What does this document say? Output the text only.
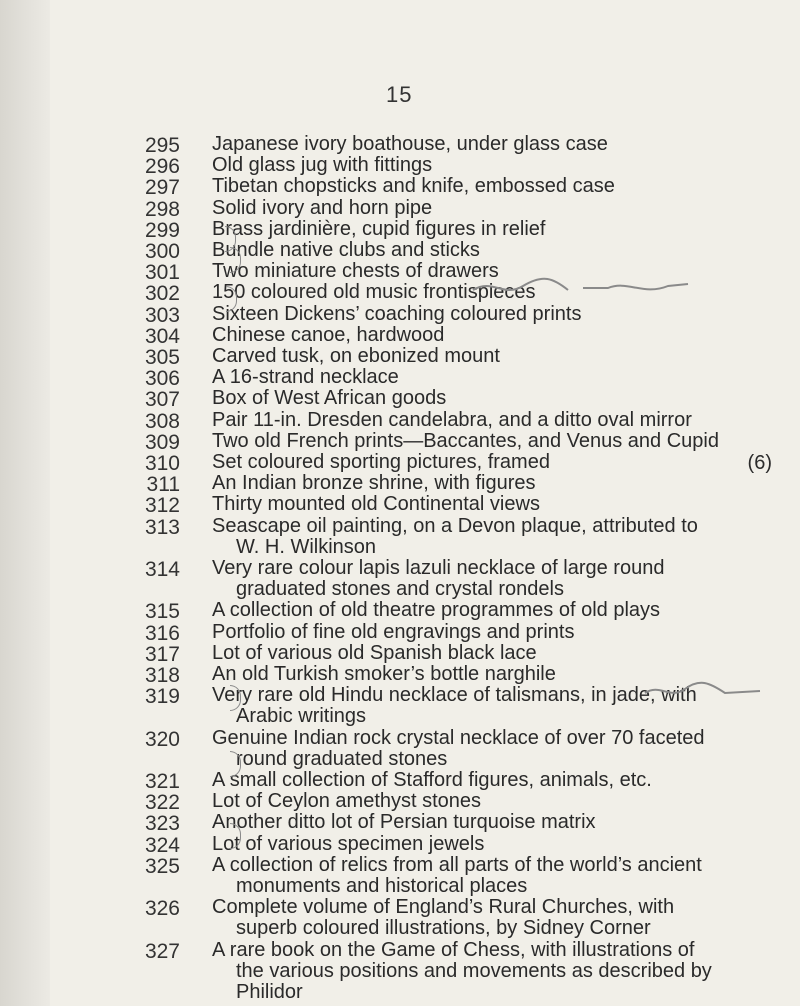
15
295 Japanese ivory boathouse, under glass case
296 Old glass jug with fittings
297 Tibetan chopsticks and knife, embossed case
298 Solid ivory and horn pipe
299 Brass jardinière, cupid figures in relief
300 Bundle native clubs and sticks
301 Two miniature chests of drawers
302 150 coloured old music frontispieces
303 Sixteen Dickens’ coaching coloured prints
304 Chinese canoe, hardwood
305 Carved tusk, on ebonized mount
306 A 16-strand necklace
307 Box of West African goods
308 Pair 11-in. Dresden candelabra, and a ditto oval mirror
309 Two old French prints—Baccantes, and Venus and Cupid
310 Set coloured sporting pictures, framed	(6)
311 An Indian bronze shrine, with figures
312 Thirty mounted old Continental views
313 Seascape oil painting, on a Devon plaque, attributed to
W. H. Wilkinson
314 Very rare colour lapis lazuli necklace of large round
graduated stones and crystal rondels
315 A collection of old theatre programmes of old plays
316 Portfolio of fine old engravings and prints
317 Lot of various old Spanish black lace
318 An old Turkish smoker’s bottle narghile
319 Very rare old Hindu necklace of talismans, in jade, with
Arabic writings
320 Genuine Indian rock crystal necklace of over 70 faceted
round graduated stones
321 A small collection of Stafford figures, animals, etc.
322 Lot of Ceylon amethyst stones
323 Another ditto lot of Persian turquoise matrix
324 Lot of various specimen jewels
325 A collection of relics from all parts of the world’s ancient
monuments and historical places
326 Complete volume of England’s Rural Churches, with
superb coloured illustrations, by Sidney Corner
327 A rare book on the Game of Chess, with illustrations of
the various positions and movements as described by
Philidor
